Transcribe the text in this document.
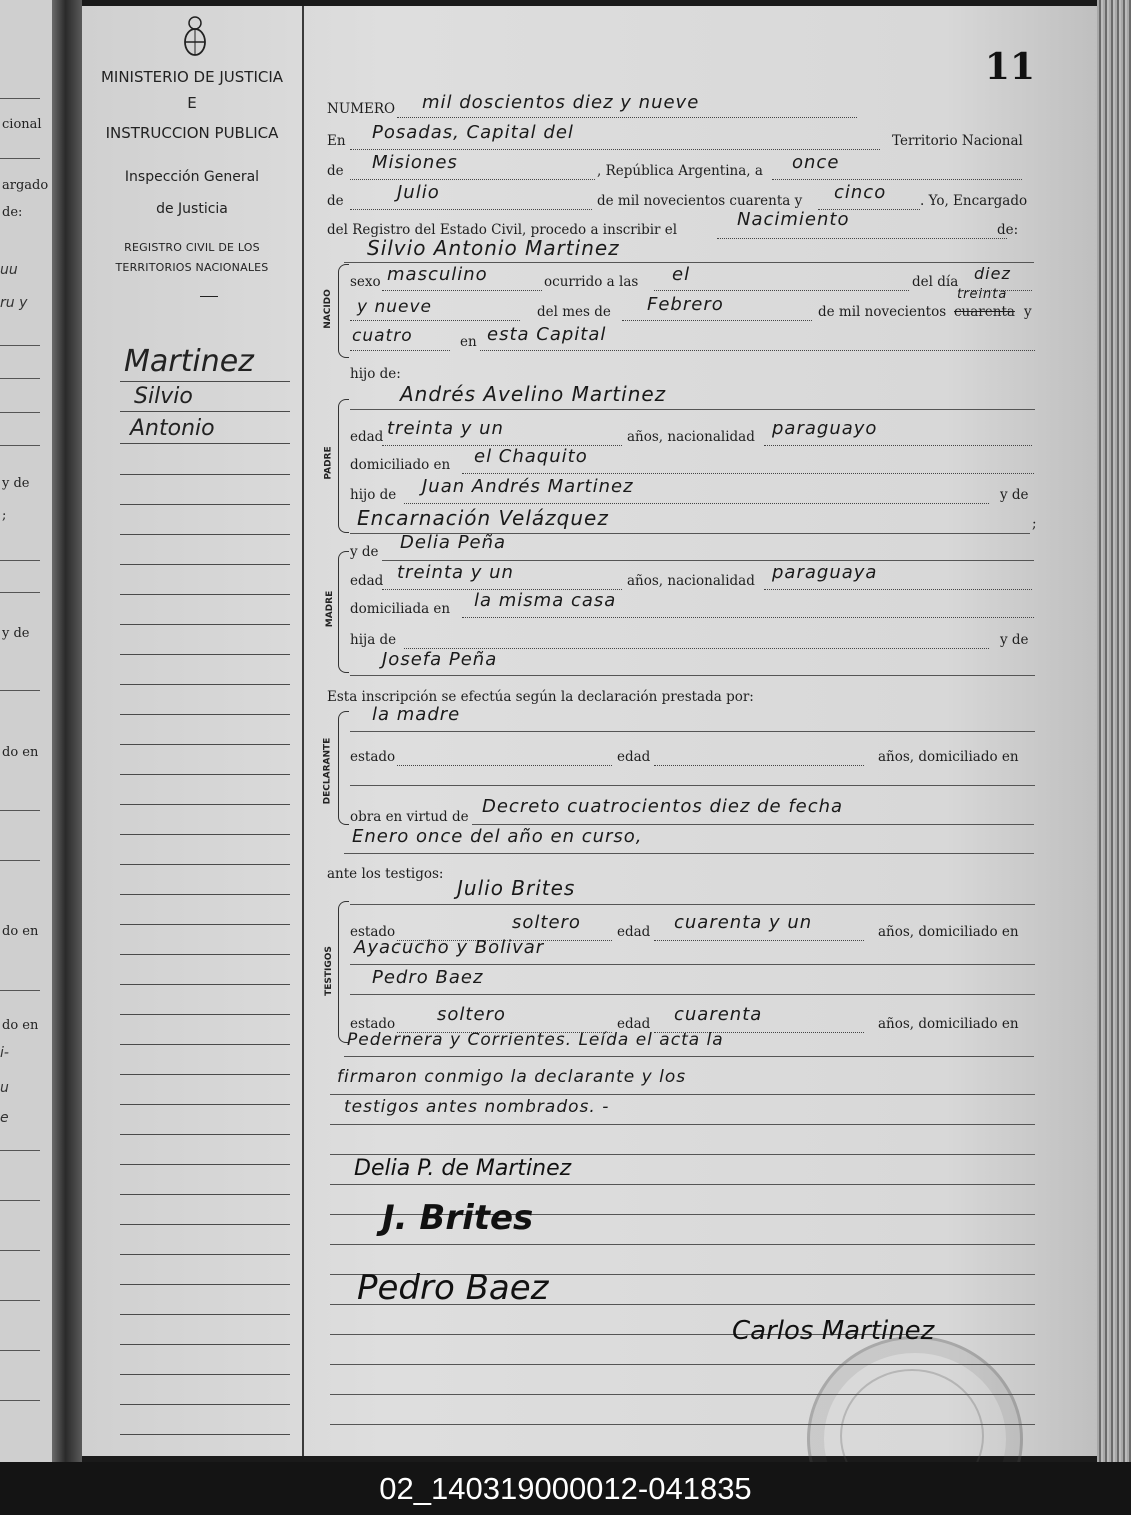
cional
argado
de:
uu
ru y
y de
;
y de
do en
do en
do en
i-
u
e
MINISTERIO DE JUSTICIA
E
INSTRUCCION PUBLICA
Inspección General
de Justicia
REGISTRO CIVIL DE LOS
TERRITORIOS NACIONALES
Martinez
Silvio
Antonio
11
NUMERO mil doscientos diez y nueve
En Posadas, Capital del	Territorio Nacional
de Misiones	, República Argentina, a once
de	Julio	de mil novecientos cuarenta y cinco	. Yo, Encargado
del Registro del Estado Civil, procedo a inscribir el	Nacimiento	de:
Silvio Antonio Martinez
NACIDO
sexo masculino	ocurrido a las el	del día diez
y nueve	del mes de Febrero	de mil novecientos cuarenta
treinta
y
cuatro	en esta Capital
hijo de:
PADRE
Andrés Avelino Martinez
edad treinta y un	años, nacionalidad paraguayo
domiciliado en el Chaquito
hijo de Juan Andrés Martinez	y de
Encarnación Velázquez	;
MADRE
y de Delia Peña
edad treinta y un	años, nacionalidad paraguaya
domiciliada en la misma casa
hija de	y de
Josefa Peña
Esta inscripción se efectúa según la declaración prestada por:
DECLARANTE
la madre
estado	edad	años, domiciliado en
obra en virtud de Decreto cuatrocientos diez de fecha
Enero once del año en curso,
ante los testigos:
TESTIGOS
Julio Brites
estado	soltero	edad cuarenta y un	años, domiciliado en
Ayacucho y Bolivar
Pedro Baez
estado soltero	edad cuarenta	años, domiciliado en
Pedernera y Corrientes. Leída el acta la
firmaron conmigo la declarante y los
testigos antes nombrados. -
Delia P. de Martinez
J. Brites
Pedro Baez
Carlos Martinez
02_140319000012-041835
